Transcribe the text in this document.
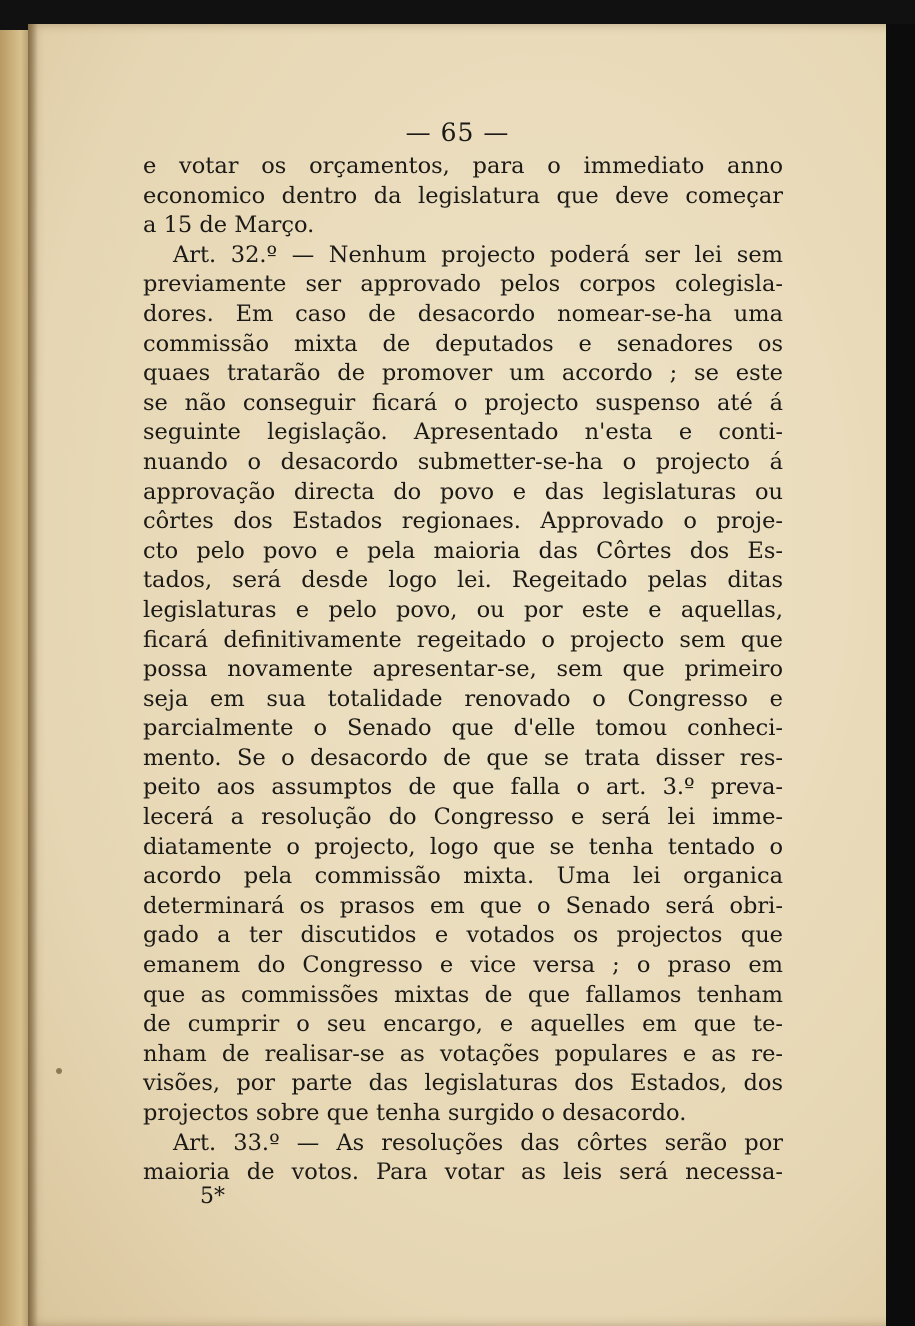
— 65 —
e votar os orçamentos, para o immediato anno
economico dentro da legislatura que deve começar
a 15 de Março.
Art. 32.º — Nenhum projecto poderá ser lei sem
previamente ser approvado pelos corpos colegisla-
dores. Em caso de desacordo nomear-se-ha uma
commissão mixta de deputados e senadores os
quaes tratarão de promover um accordo ; se este
se não conseguir ficará o projecto suspenso até á
seguinte legislação. Apresentado n'esta e conti-
nuando o desacordo submetter-se-ha o projecto á
approvação directa do povo e das legislaturas ou
côrtes dos Estados regionaes. Approvado o proje-
cto pelo povo e pela maioria das Côrtes dos Es-
tados, será desde logo lei. Regeitado pelas ditas
legislaturas e pelo povo, ou por este e aquellas,
ficará definitivamente regeitado o projecto sem que
possa novamente apresentar-se, sem que primeiro
seja em sua totalidade renovado o Congresso e
parcialmente o Senado que d'elle tomou conheci-
mento. Se o desacordo de que se trata disser res-
peito aos assumptos de que falla o art. 3.º preva-
lecerá a resolução do Congresso e será lei imme-
diatamente o projecto, logo que se tenha tentado o
acordo pela commissão mixta. Uma lei organica
determinará os prasos em que o Senado será obri-
gado a ter discutidos e votados os projectos que
emanem do Congresso e vice versa ; o praso em
que as commissões mixtas de que fallamos tenham
de cumprir o seu encargo, e aquelles em que te-
nham de realisar-se as votações populares e as re-
visões, por parte das legislaturas dos Estados, dos
projectos sobre que tenha surgido o desacordo.
Art. 33.º — As resoluções das côrtes serão por
maioria de votos. Para votar as leis será necessa-
5*
